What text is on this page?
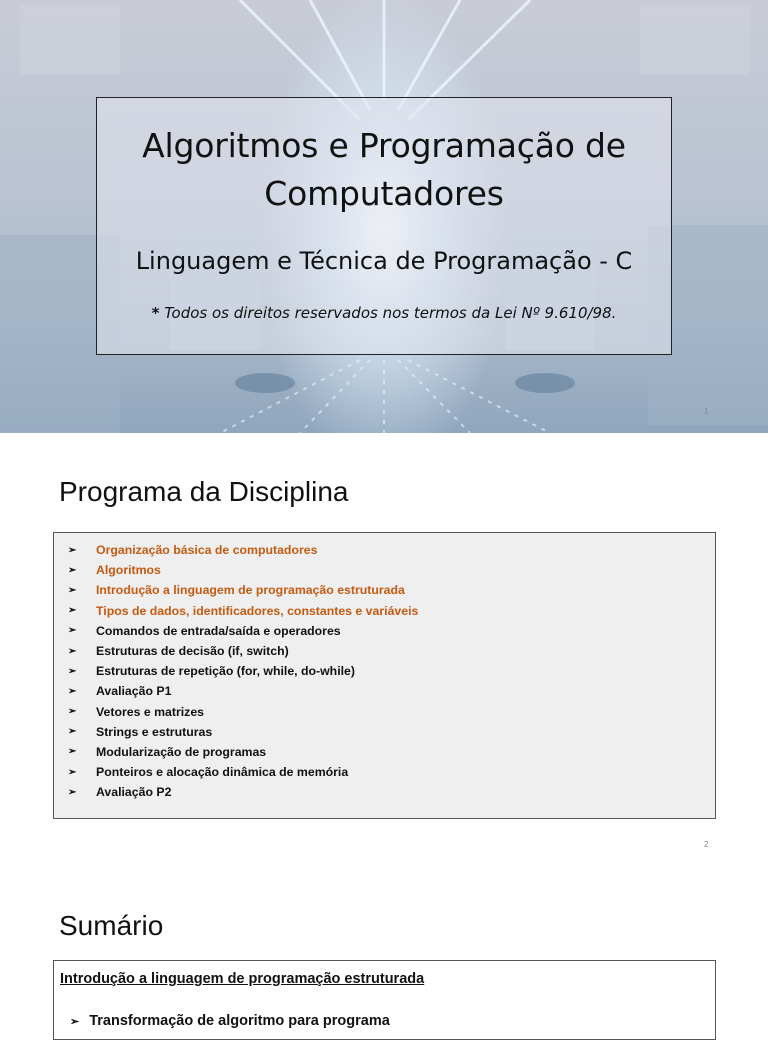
Algoritmos e Programação de Computadores
Linguagem e Técnica de Programação - C
* Todos os direitos reservados nos termos da Lei Nº 9.610/98.
1
Programa da Disciplina
➢	Organização básica de computadores
➢	Algoritmos
➢	Introdução a linguagem de programação estruturada
➢	Tipos de dados, identificadores, constantes e variáveis
➢	Comandos de entrada/saída e operadores
➢	Estruturas de decisão (if, switch)
➢	Estruturas de repetição (for, while, do-while)
➢	Avaliação P1
➢	Vetores e matrizes
➢	Strings e estruturas
➢	Modularização de programas
➢	Ponteiros e alocação dinâmica de memória
➢	Avaliação P2
2
Sumário
Introdução a linguagem de programação estruturada
➢ Transformação de algoritmo para programa
